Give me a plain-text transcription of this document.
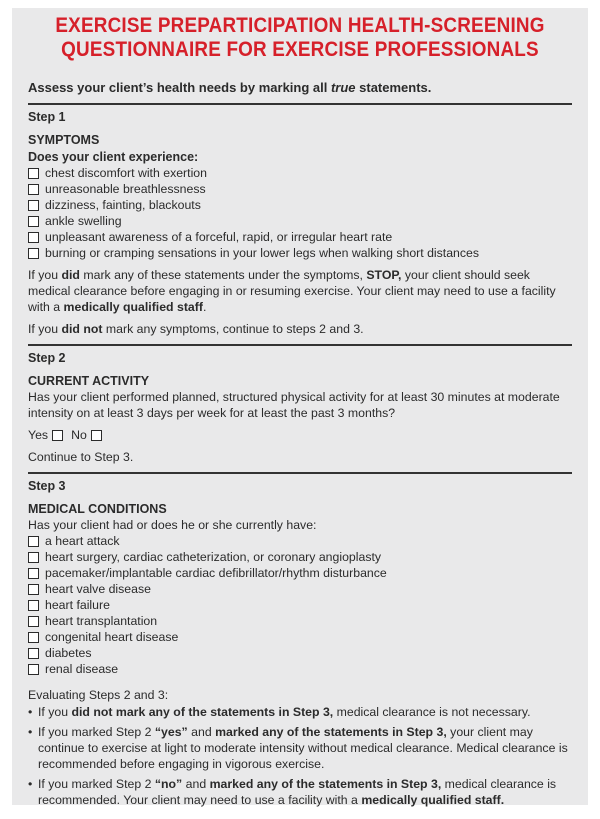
EXERCISE PREPARTICIPATION HEALTH-SCREENING
QUESTIONNAIRE FOR EXERCISE PROFESSIONALS
Assess your client’s health needs by marking all true statements.
Step 1
SYMPTOMS
Does your client experience:
chest discomfort with exertion
unreasonable breathlessness
dizziness, fainting, blackouts
ankle swelling
unpleasant awareness of a forceful, rapid, or irregular heart rate
burning or cramping sensations in your lower legs when walking short distances
If you did mark any of these statements under the symptoms, STOP, your client should seek medical clearance before engaging in or resuming exercise. Your client may need to use a facility with a medically qualified staff.
If you did not mark any symptoms, continue to steps 2 and 3.
Step 2
CURRENT ACTIVITY
Has your client performed planned, structured physical activity for at least 30 minutes at moderate intensity on at least 3 days per week for at least the past 3 months?
Yes No
Continue to Step 3.
Step 3
MEDICAL CONDITIONS
Has your client had or does he or she currently have:
a heart attack
heart surgery, cardiac catheterization, or coronary angioplasty
pacemaker/implantable cardiac defibrillator/rhythm disturbance
heart valve disease
heart failure
heart transplantation
congenital heart disease
diabetes
renal disease
Evaluating Steps 2 and 3:
• If you did not mark any of the statements in Step 3, medical clearance is not necessary.
• If you marked Step 2 “yes” and marked any of the statements in Step 3, your client may continue to exercise at light to moderate intensity without medical clearance. Medical clearance is recommended before engaging in vigorous exercise.
• If you marked Step 2 “no” and marked any of the statements in Step 3, medical clearance is recommended. Your client may need to use a facility with a medically qualified staff.
